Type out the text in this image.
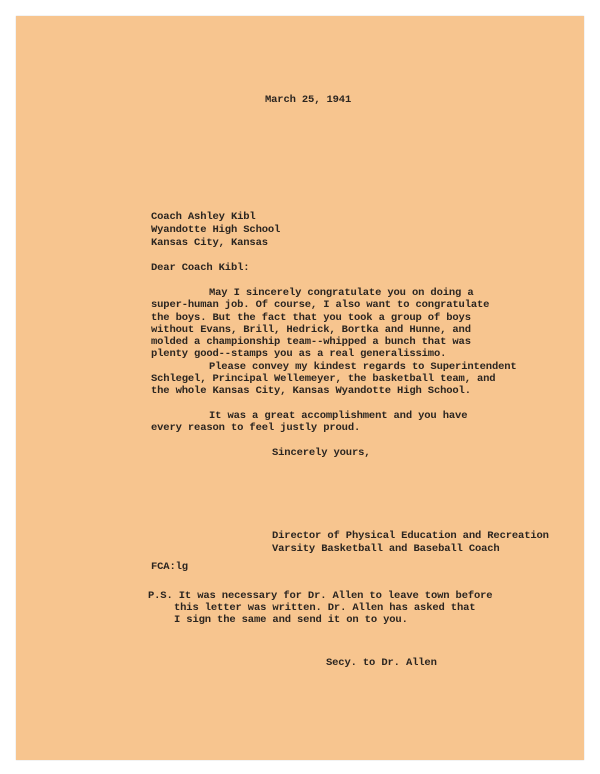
March 25, 1941
Coach Ashley Kibl
Wyandotte High School
Kansas City, Kansas
Dear Coach Kibl:
May I sincerely congratulate you on doing a
super-human job. Of course, I also want to congratulate
the boys. But the fact that you took a group of boys
without Evans, Brill, Hedrick, Bortka and Hunne, and
molded a championship team--whipped a bunch that was
plenty good--stamps you as a real generalissimo.
Please convey my kindest regards to Superintendent
Schlegel, Principal Wellemeyer, the basketball team, and
the whole Kansas City, Kansas Wyandotte High School.
It was a great accomplishment and you have
every reason to feel justly proud.
Sincerely yours,
Director of Physical Education and Recreation
Varsity Basketball and Baseball Coach
FCA:lg
P.S. It was necessary for Dr. Allen to leave town before
this letter was written. Dr. Allen has asked that
I sign the same and send it on to you.
Secy. to Dr. Allen
